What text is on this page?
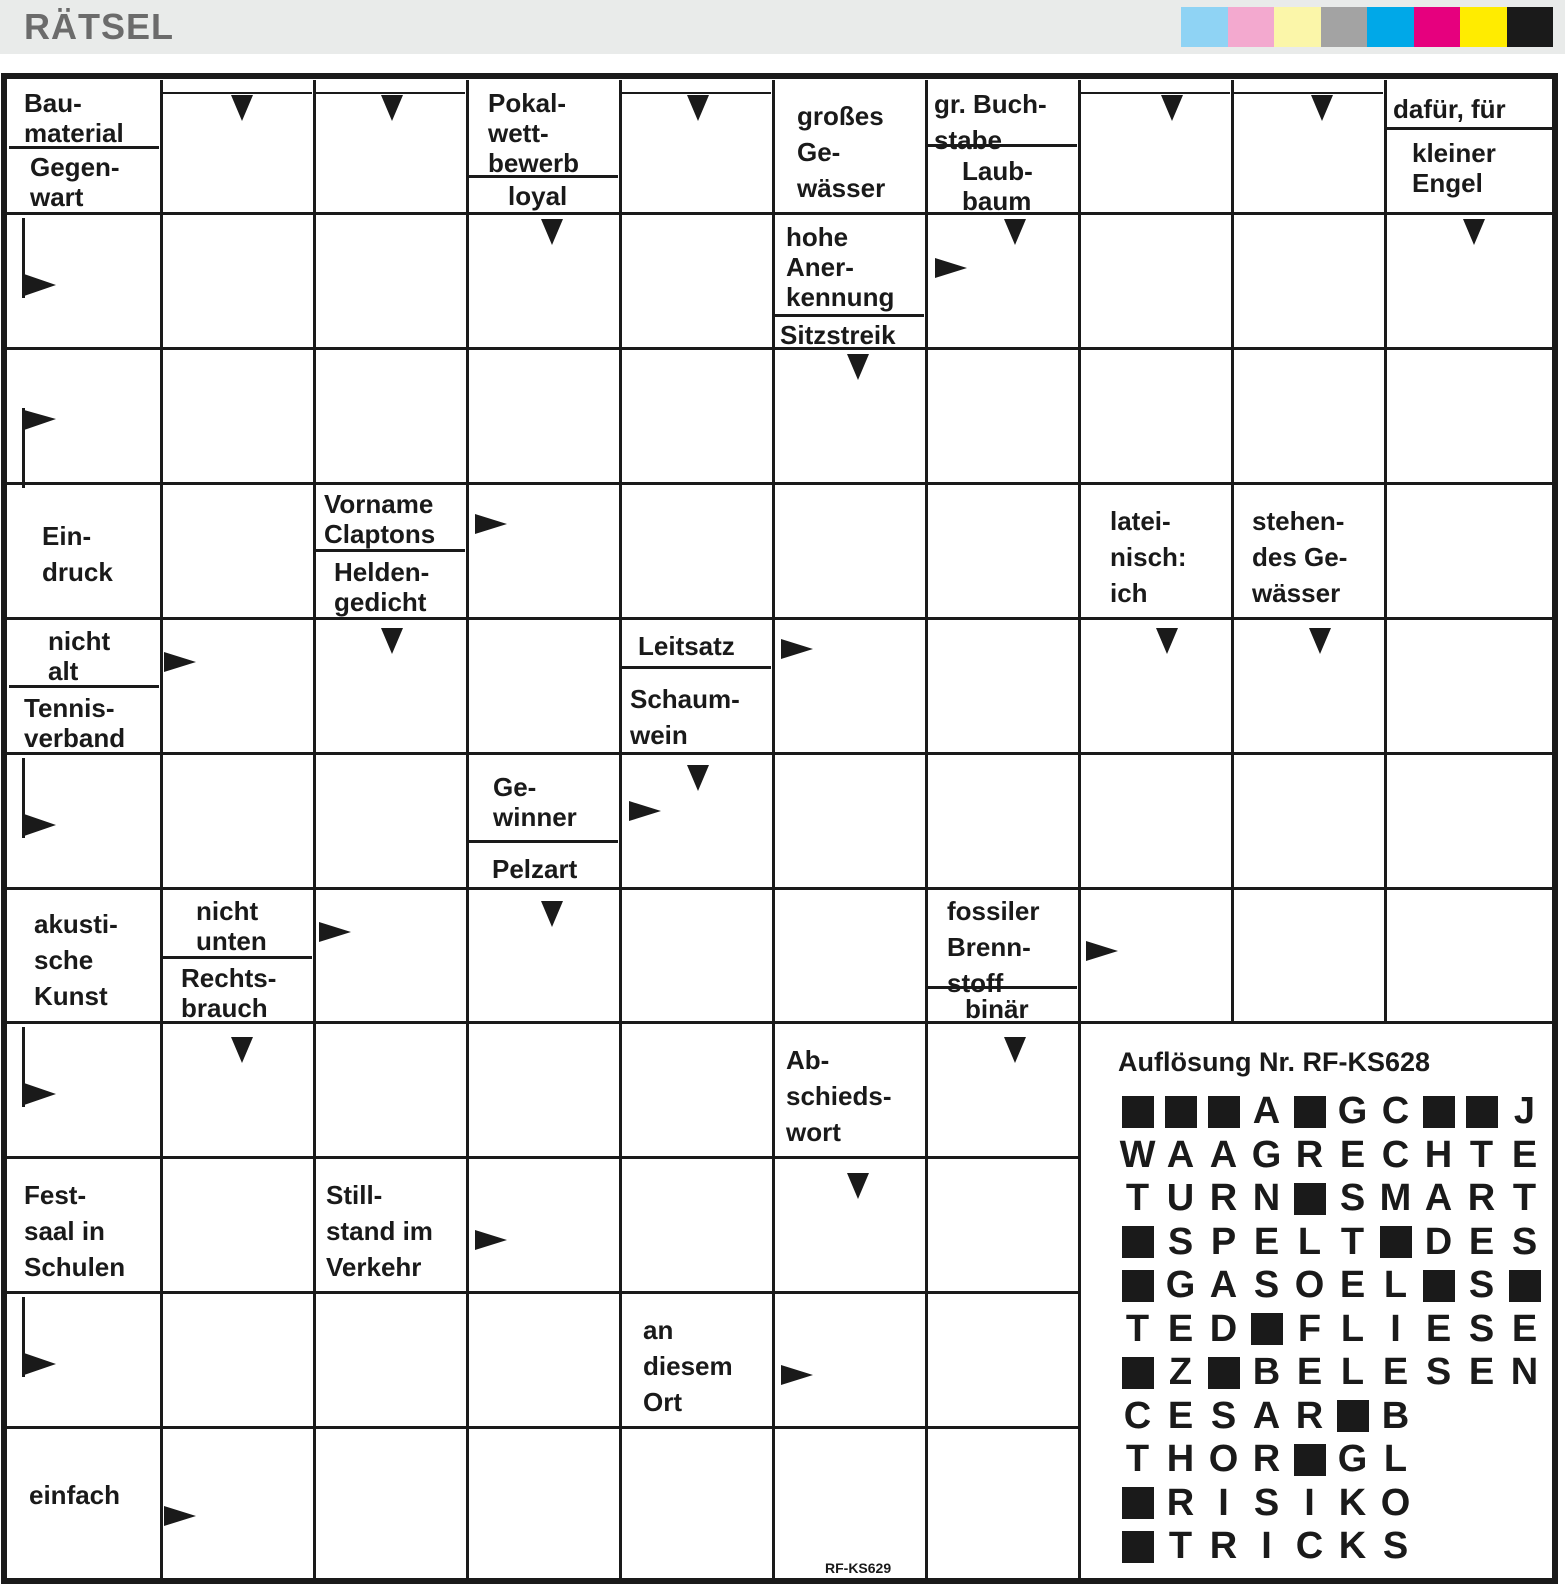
RÄTSEL
Bau-
material
Gegen-
wart
Pokal-
wett-
bewerb
loyal
großes
Ge-
wässer
gr. Buch-
stabe
Laub-
baum
dafür, für
kleiner
Engel
hohe
Aner-
kennung
Sitzstreik
Ein-
druck
Vorname
Claptons
Helden-
gedicht
latei-
nisch:
ich
stehen-
des Ge-
wässer
nicht
alt
Tennis-
verband
Leitsatz
Schaum-
wein
Ge-
winner
Pelzart
akusti-
sche
Kunst
nicht
unten
Rechts-
brauch
fossiler
Brenn-
stoff
binär
Ab-
schieds-
wort
Fest-
saal in
Schulen
Still-
stand im
Verkehr
an
diesem
Ort
einfach
Auflösung Nr. RF-KS628
A G C	J
W A A G R E C H T E
T U R N S M A R T
S P E L T D E S
G A S O E L S
T E D F L I E S E
Z B E L E S E N
C E S A R B
T H O R G L
R I S I K O
T R I C K S
RF-KS629
